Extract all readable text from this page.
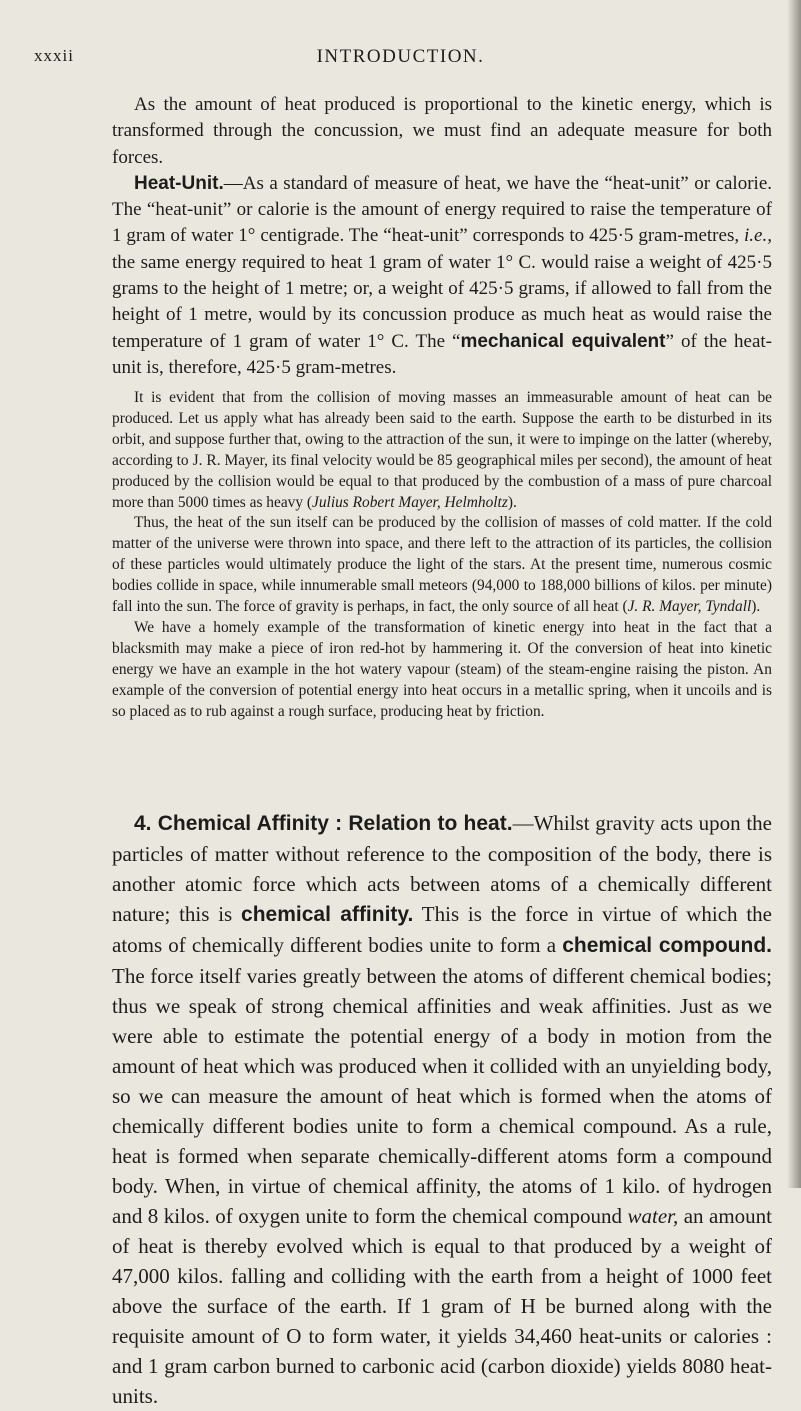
xxxii	INTRODUCTION.

As the amount of heat produced is proportional to the kinetic energy, which is transformed through the concussion, we must find an adequate measure for both forces.

Heat-Unit.—As a standard of measure of heat, we have the “heat-unit” or calorie. The “heat-unit” or calorie is the amount of energy required to raise the temperature of 1 gram of water 1° centigrade. The “heat-unit” corresponds to 425·5 gram-metres, i.e., the same energy required to heat 1 gram of water 1° C. would raise a weight of 425·5 grams to the height of 1 metre; or, a weight of 425·5 grams, if allowed to fall from the height of 1 metre, would by its concussion produce as much heat as would raise the temperature of 1 gram of water 1° C. The “mechanical equivalent” of the heat-unit is, therefore, 425·5 gram-metres.

It is evident that from the collision of moving masses an immeasurable amount of heat can be produced. Let us apply what has already been said to the earth. Suppose the earth to be disturbed in its orbit, and suppose further that, owing to the attraction of the sun, it were to impinge on the latter (whereby, according to J. R. Mayer, its final velocity would be 85 geographical miles per second), the amount of heat produced by the collision would be equal to that produced by the combustion of a mass of pure charcoal more than 5000 times as heavy (Julius Robert Mayer, Helmholtz).

Thus, the heat of the sun itself can be produced by the collision of masses of cold matter. If the cold matter of the universe were thrown into space, and there left to the attraction of its particles, the collision of these particles would ultimately produce the light of the stars. At the present time, numerous cosmic bodies collide in space, while innumerable small meteors (94,000 to 188,000 billions of kilos. per minute) fall into the sun. The force of gravity is perhaps, in fact, the only source of all heat (J. R. Mayer, Tyndall).

We have a homely example of the transformation of kinetic energy into heat in the fact that a blacksmith may make a piece of iron red-hot by hammering it. Of the conversion of heat into kinetic energy we have an example in the hot watery vapour (steam) of the steam-engine raising the piston. An example of the conversion of potential energy into heat occurs in a metallic spring, when it uncoils and is so placed as to rub against a rough surface, producing heat by friction.

4. Chemical Affinity : Relation to heat.—Whilst gravity acts upon the particles of matter without reference to the composition of the body, there is another atomic force which acts between atoms of a chemically different nature; this is chemical affinity. This is the force in virtue of which the atoms of chemically different bodies unite to form a chemical compound. The force itself varies greatly between the atoms of different chemical bodies; thus we speak of strong chemical affinities and weak affinities. Just as we were able to estimate the potential energy of a body in motion from the amount of heat which was produced when it collided with an unyielding body, so we can measure the amount of heat which is formed when the atoms of chemically different bodies unite to form a chemical compound. As a rule, heat is formed when separate chemically-different atoms form a compound body. When, in virtue of chemical affinity, the atoms of 1 kilo. of hydrogen and 8 kilos. of oxygen unite to form the chemical compound water, an amount of heat is thereby evolved which is equal to that produced by a weight of 47,000 kilos. falling and colliding with the earth from a height of 1000 feet above the surface of the earth. If 1 gram of H be burned along with the requisite amount of O to form water, it yields 34,460 heat-units or calories : and 1 gram carbon burned to carbonic acid (carbon dioxide) yields 8080 heat-units.
